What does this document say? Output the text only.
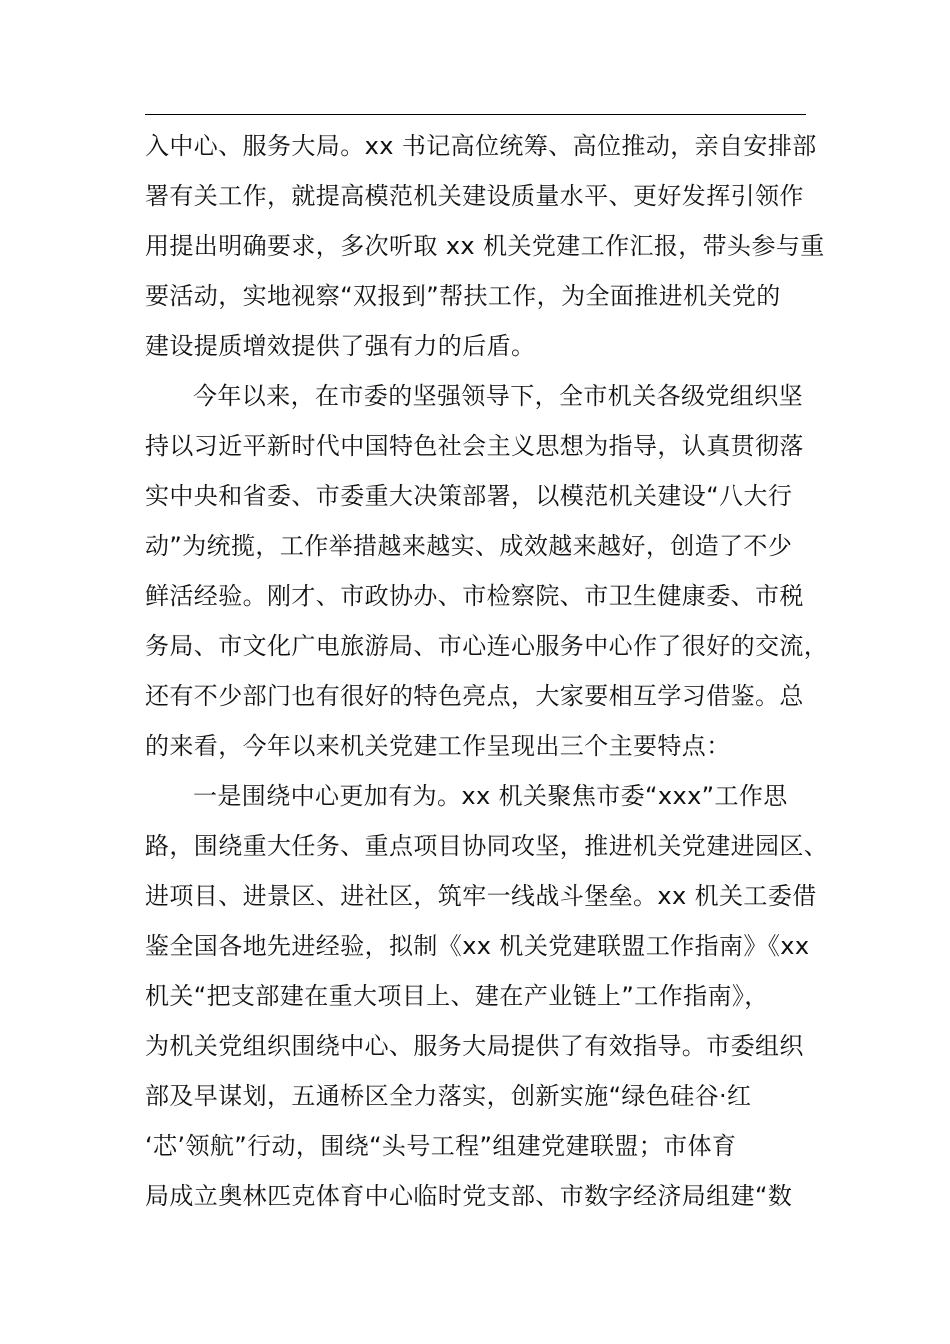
入中心、服务大局。xx 书记高位统筹、高位推动，亲自安排部
署有关工作，就提高模范机关建设质量水平、更好发挥引领作
用提出明确要求，多次听取 xx 机关党建工作汇报，带头参与重
要活动，实地视察“双报到”帮扶工作，为全面推进机关党的
建设提质增效提供了强有力的后盾。
今年以来，在市委的坚强领导下，全市机关各级党组织坚
持以习近平新时代中国特色社会主义思想为指导，认真贯彻落
实中央和省委、市委重大决策部署，以模范机关建设“八大行
动”为统揽，工作举措越来越实、成效越来越好，创造了不少
鲜活经验。刚才、市政协办、市检察院、市卫生健康委、市税
务局、市文化广电旅游局、市心连心服务中心作了很好的交流，
还有不少部门也有很好的特色亮点，大家要相互学习借鉴。总
的来看，今年以来机关党建工作呈现出三个主要特点：
一是围绕中心更加有为。xx 机关聚焦市委“xxx”工作思
路，围绕重大任务、重点项目协同攻坚，推进机关党建进园区、
进项目、进景区、进社区，筑牢一线战斗堡垒。xx 机关工委借
鉴全国各地先进经验，拟制《xx 机关党建联盟工作指南》《xx
机关“把支部建在重大项目上、建在产业链上”工作指南》，
为机关党组织围绕中心、服务大局提供了有效指导。市委组织
部及早谋划，五通桥区全力落实，创新实施“绿色硅谷·红
‘芯’领航”行动，围绕“头号工程”组建党建联盟；市体育
局成立奥林匹克体育中心临时党支部、市数字经济局组建“数
